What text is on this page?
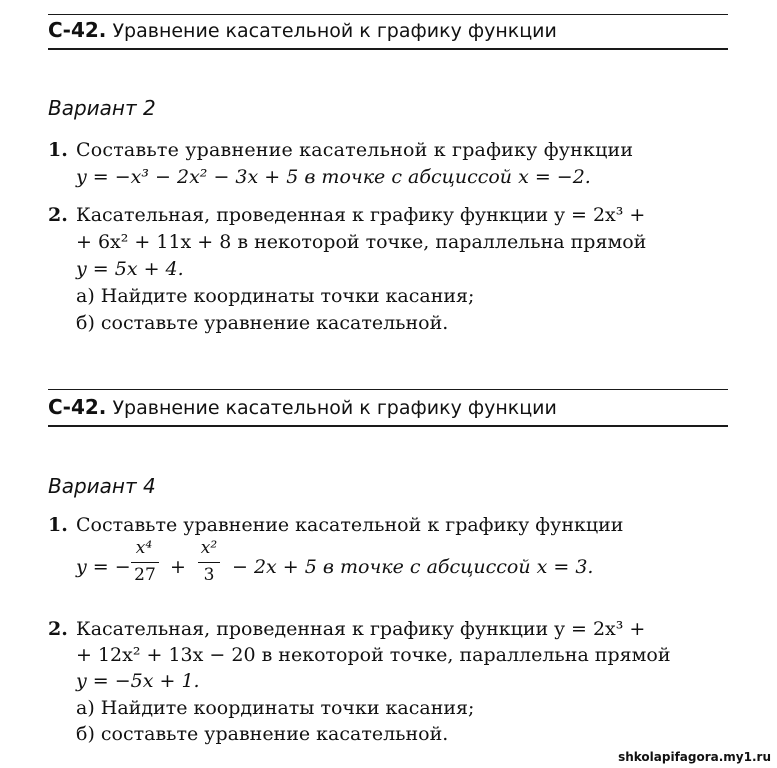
С-42. Уравнение касательной к графику функции
Вариант 2
1. Составьте уравнение касательной к графику функции
y = −x³ − 2x² − 3x + 5 в точке с абсциссой x = −2.
2. Касательная, проведенная к графику функции y = 2x³ +
+ 6x² + 11x + 8 в некоторой точке, параллельна прямой
y = 5x + 4.
а) Найдите координаты точки касания;
б) составьте уравнение касательной.
С-42. Уравнение касательной к графику функции
Вариант 4
1. Составьте уравнение касательной к графику функции
y = −
x⁴
27 +
x²
3 − 2x + 5 в точке с абсциссой x = 3.
2. Касательная, проведенная к графику функции y = 2x³ +
+ 12x² + 13x − 20 в некоторой точке, параллельна прямой
y = −5x + 1.
а) Найдите координаты точки касания;
б) составьте уравнение касательной.
shkolapifagora.my1.ru
